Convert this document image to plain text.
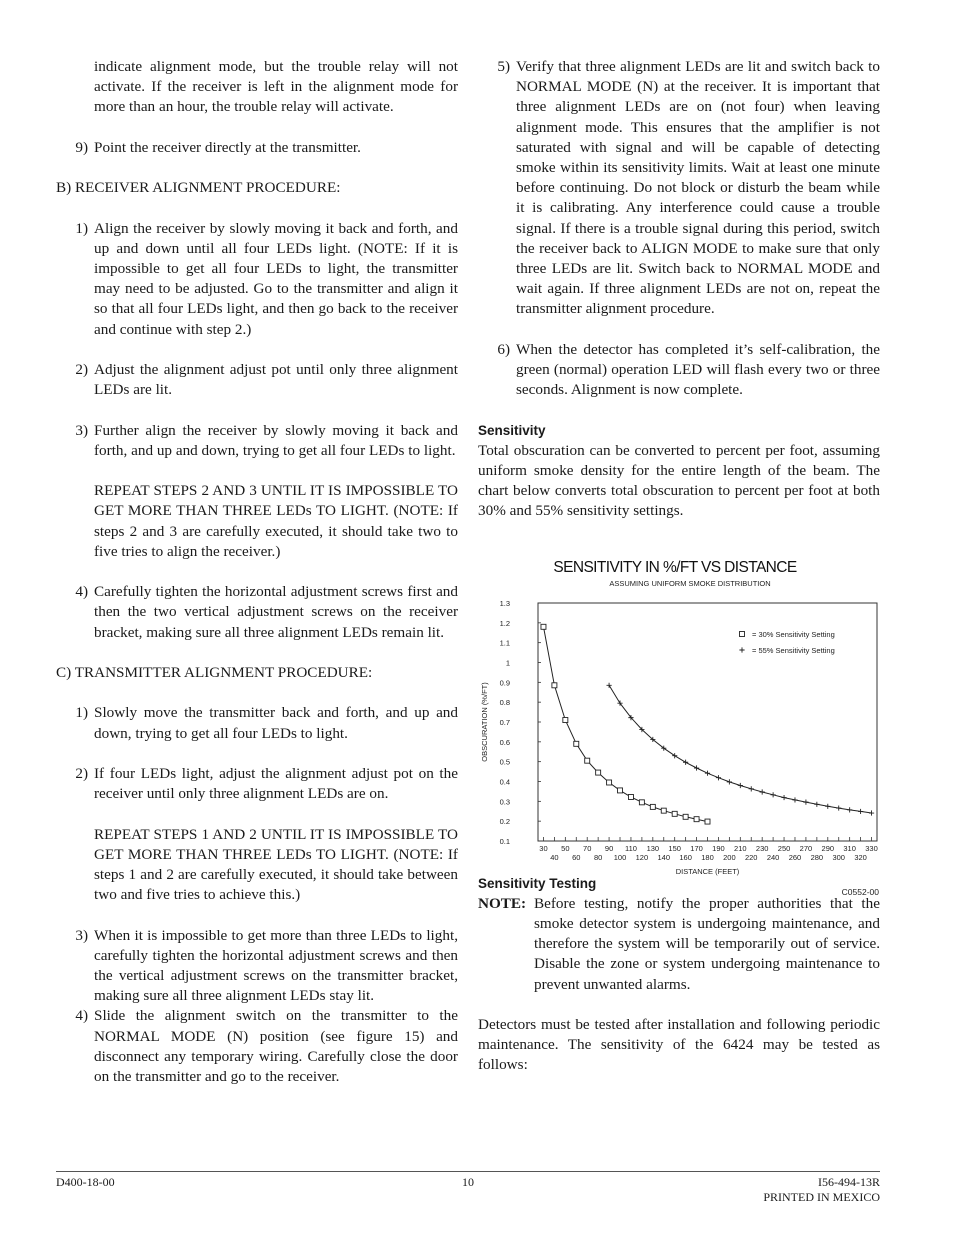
indicate alignment mode, but the trouble relay will not activate. If the receiver is left in the alignment mode for more than an hour, the trouble relay will activate.

9) Point the receiver directly at the transmitter.

B) RECEIVER ALIGNMENT PROCEDURE:

1) Align the receiver by slowly moving it back and forth, and up and down until all four LEDs light. (NOTE: If it is impossible to get all four LEDs to light, the transmitter may need to be adjusted. Go to the transmitter and align it so that all four LEDs light, and then go back to the receiver and continue with step 2.)
2) Adjust the alignment adjust pot until only three alignment LEDs are lit.
3) Further align the receiver by slowly moving it back and forth, and up and down, trying to get all four LEDs to light.

REPEAT STEPS 2 AND 3 UNTIL IT IS IMPOSSIBLE TO GET MORE THAN THREE LEDs TO LIGHT. (NOTE: If steps 2 and 3 are carefully executed, it should take two to five tries to align the receiver.)

4) Carefully tighten the horizontal adjustment screws first and then the two vertical adjustment screws on the receiver bracket, making sure all three alignment LEDs remain lit.

C) TRANSMITTER ALIGNMENT PROCEDURE:

1) Slowly move the transmitter back and forth, and up and down, trying to get all four LEDs to light.
2) If four LEDs light, adjust the alignment adjust pot on the receiver until only three alignment LEDs are on.

REPEAT STEPS 1 AND 2 UNTIL IT IS IMPOSSIBLE TO GET MORE THAN THREE LEDs TO LIGHT. (NOTE: If steps 1 and 2 are carefully executed, it should take between two and five tries to achieve this.)

3) When it is impossible to get more than three LEDs to light, carefully tighten the horizontal adjustment screws and then the vertical adjustment screws on the transmitter bracket, making sure all three alignment LEDs stay lit.
4) Slide the alignment switch on the transmitter to the NORMAL MODE (N) position (see figure 15) and disconnect any temporary wiring. Carefully close the door on the transmitter and go to the receiver.
5) Verify that three alignment LEDs are lit and switch back to NORMAL MODE (N) at the receiver. It is important that three alignment LEDs are on (not four) when leaving alignment mode. This ensures that the amplifier is not saturated with signal and will be capable of detecting smoke within its sensitivity limits. Wait at least one minute before continuing. Do not block or disturb the beam while it is calibrating. Any interference could cause a trouble signal. If there is a trouble signal during this period, switch the receiver back to ALIGN MODE to make sure that only three LEDs are lit. Switch back to NORMAL MODE and wait again. If three alignment LEDs are not on, repeat the transmitter alignment procedure.
6) When the detector has completed it’s self-calibration, the green (normal) operation LED will flash every two or three seconds. Alignment is now complete.

Sensitivity

Total obscuration can be converted to percent per foot, assuming uniform smoke density for the entire length of the beam. The chart below converts total obscuration to percent per foot at both 30% and 55% sensitivity settings.

SENSITIVITY IN %/FT VS DISTANCE
ASSUMING UNIFORM SMOKE DISTRIBUTION
0.1
0.2
0.3
0.4
0.5
0.6
0.7
0.8
0.9
1
1.1
1.2
1.3
OBSCURATION (%/FT)
30 50 70 90 110 130 150 170 190 210 230 250 270 290 310 330
40 60 80 100 120 140 160 180 200 220 240 260 280 300 320
DISTANCE (FEET)
C0552-00
= 30% Sensitivity Setting
= 55% Sensitivity Setting

Sensitivity Testing

NOTE: Before testing, notify the proper authorities that the smoke detector system is undergoing maintenance, and therefore the system will be temporarily out of service. Disable the zone or system undergoing maintenance to prevent unwanted alarms.

Detectors must be tested after installation and following periodic maintenance. The sensitivity of the 6424 may be tested as follows:

D400-18-00	10	I56-494-13R
PRINTED IN MEXICO
